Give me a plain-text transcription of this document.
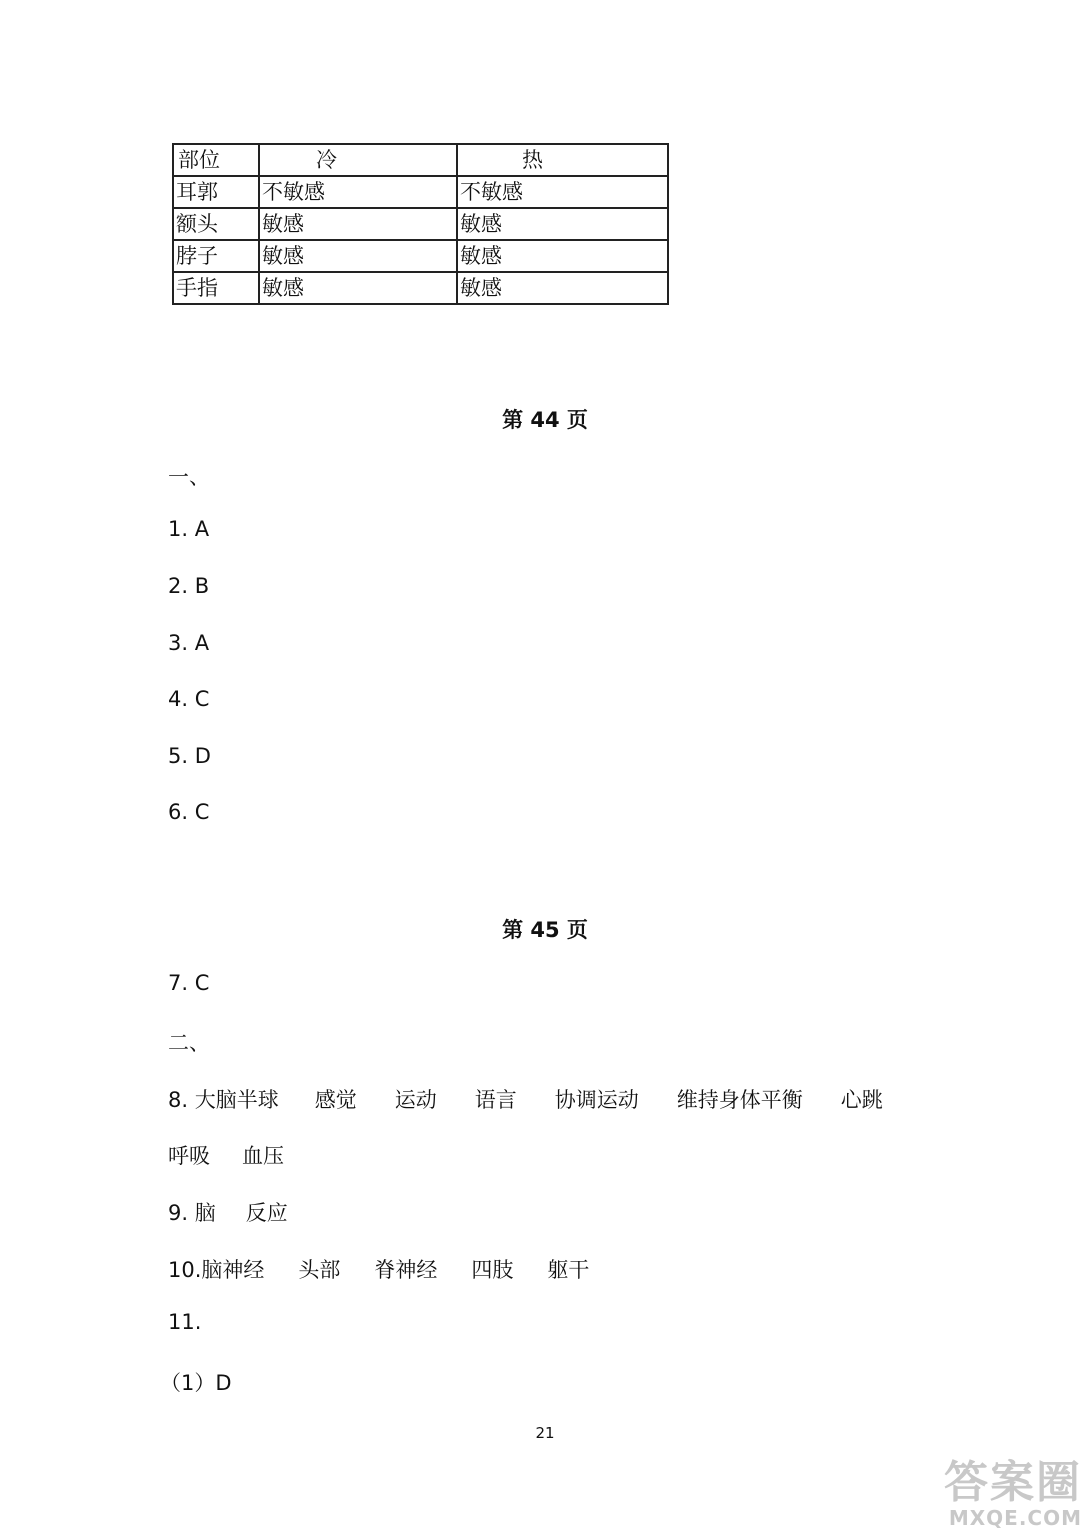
部位	冷	热
耳郭	不敏感	不敏感
额头	敏感	敏感
脖子	敏感	敏感
手指	敏感	敏感
第 44 页
一、
1. A
2. B
3. A
4. C
5. D
6. C
第 45 页
7. C
二、
8. 大脑半球 感觉 运动 语言 协调运动 维持身体平衡 心跳
呼吸 血压
9. 脑 反应
10.脑神经 头部 脊神经 四肢 躯干
11.
（1）D
21
答案圈
MXQE.COM
